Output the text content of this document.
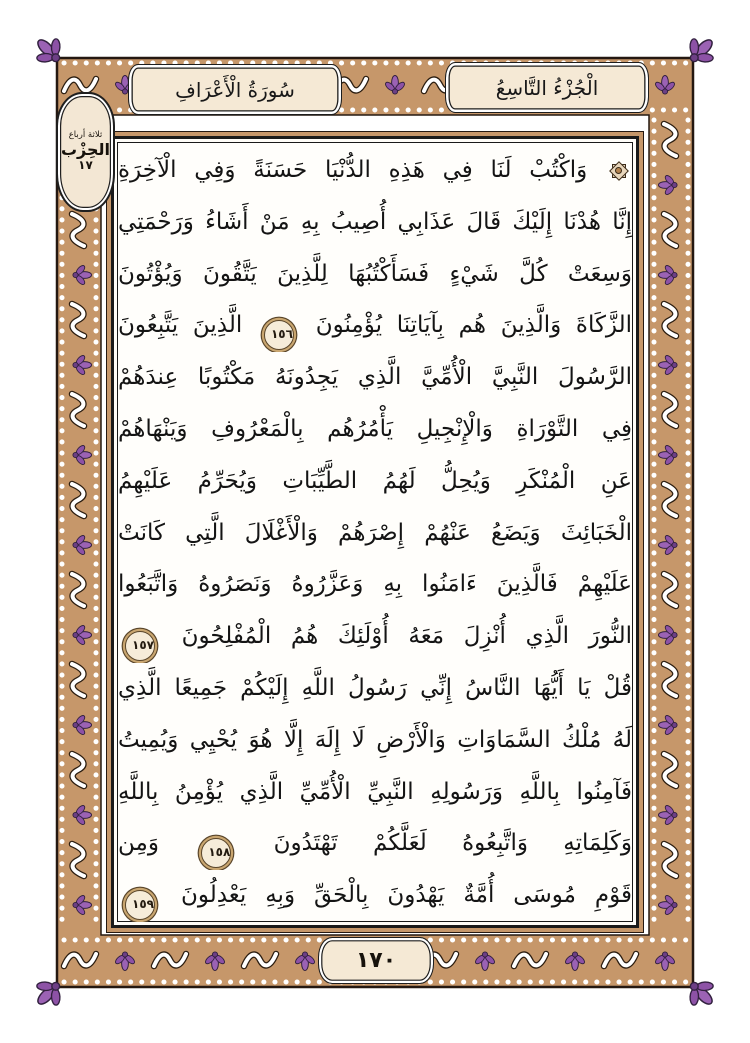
سُورَةُ الْأَعْرَافِ	الْجُزْءُ التَّاسِعُ
ثلاثة أرباع
الحِزْب
١٧ وَاكْتُبْ لَنَا فِي هَذِهِ الدُّنْيَا حَسَنَةً وَفِي الْآخِرَةِ
إِنَّا هُدْنَا إِلَيْكَ قَالَ عَذَابِي أُصِيبُ بِهِ مَنْ أَشَاءُ وَرَحْمَتِي
وَسِعَتْ كُلَّ شَيْءٍ فَسَأَكْتُبُهَا لِلَّذِينَ يَتَّقُونَ وَيُؤْتُونَ
الزَّكَاةَ وَالَّذِينَ هُم بِآيَاتِنَا يُؤْمِنُونَ ١٥٦ الَّذِينَ يَتَّبِعُونَ
الرَّسُولَ النَّبِيَّ الْأُمِّيَّ الَّذِي يَجِدُونَهُ مَكْتُوبًا عِندَهُمْ
فِي التَّوْرَاةِ وَالْإِنْجِيلِ يَأْمُرُهُم بِالْمَعْرُوفِ وَيَنْهَاهُمْ
عَنِ الْمُنْكَرِ وَيُحِلُّ لَهُمُ الطَّيِّبَاتِ وَيُحَرِّمُ عَلَيْهِمُ
الْخَبَائِثَ وَيَضَعُ عَنْهُمْ إِصْرَهُمْ وَالْأَغْلَالَ الَّتِي كَانَتْ
عَلَيْهِمْ فَالَّذِينَ ءَامَنُوا بِهِ وَعَزَّرُوهُ وَنَصَرُوهُ وَاتَّبَعُوا
النُّورَ الَّذِي أُنْزِلَ مَعَهُ أُوْلَئِكَ هُمُ الْمُفْلِحُونَ ١٥٧
قُلْ يَا أَيُّهَا النَّاسُ إِنِّي رَسُولُ اللَّهِ إِلَيْكُمْ جَمِيعًا الَّذِي
لَهُ مُلْكُ السَّمَاوَاتِ وَالْأَرْضِ لَا إِلَهَ إِلَّا هُوَ يُحْيِي وَيُمِيتُ
فَآمِنُوا بِاللَّهِ وَرَسُولِهِ النَّبِيِّ الْأُمِّيِّ الَّذِي يُؤْمِنُ بِاللَّهِ
وَكَلِمَاتِهِ وَاتَّبِعُوهُ لَعَلَّكُمْ تَهْتَدُونَ ١٥٨ وَمِن
قَوْمِ مُوسَى أُمَّةٌ يَهْدُونَ بِالْحَقِّ وَبِهِ يَعْدِلُونَ ١٥٩
١٧٠
